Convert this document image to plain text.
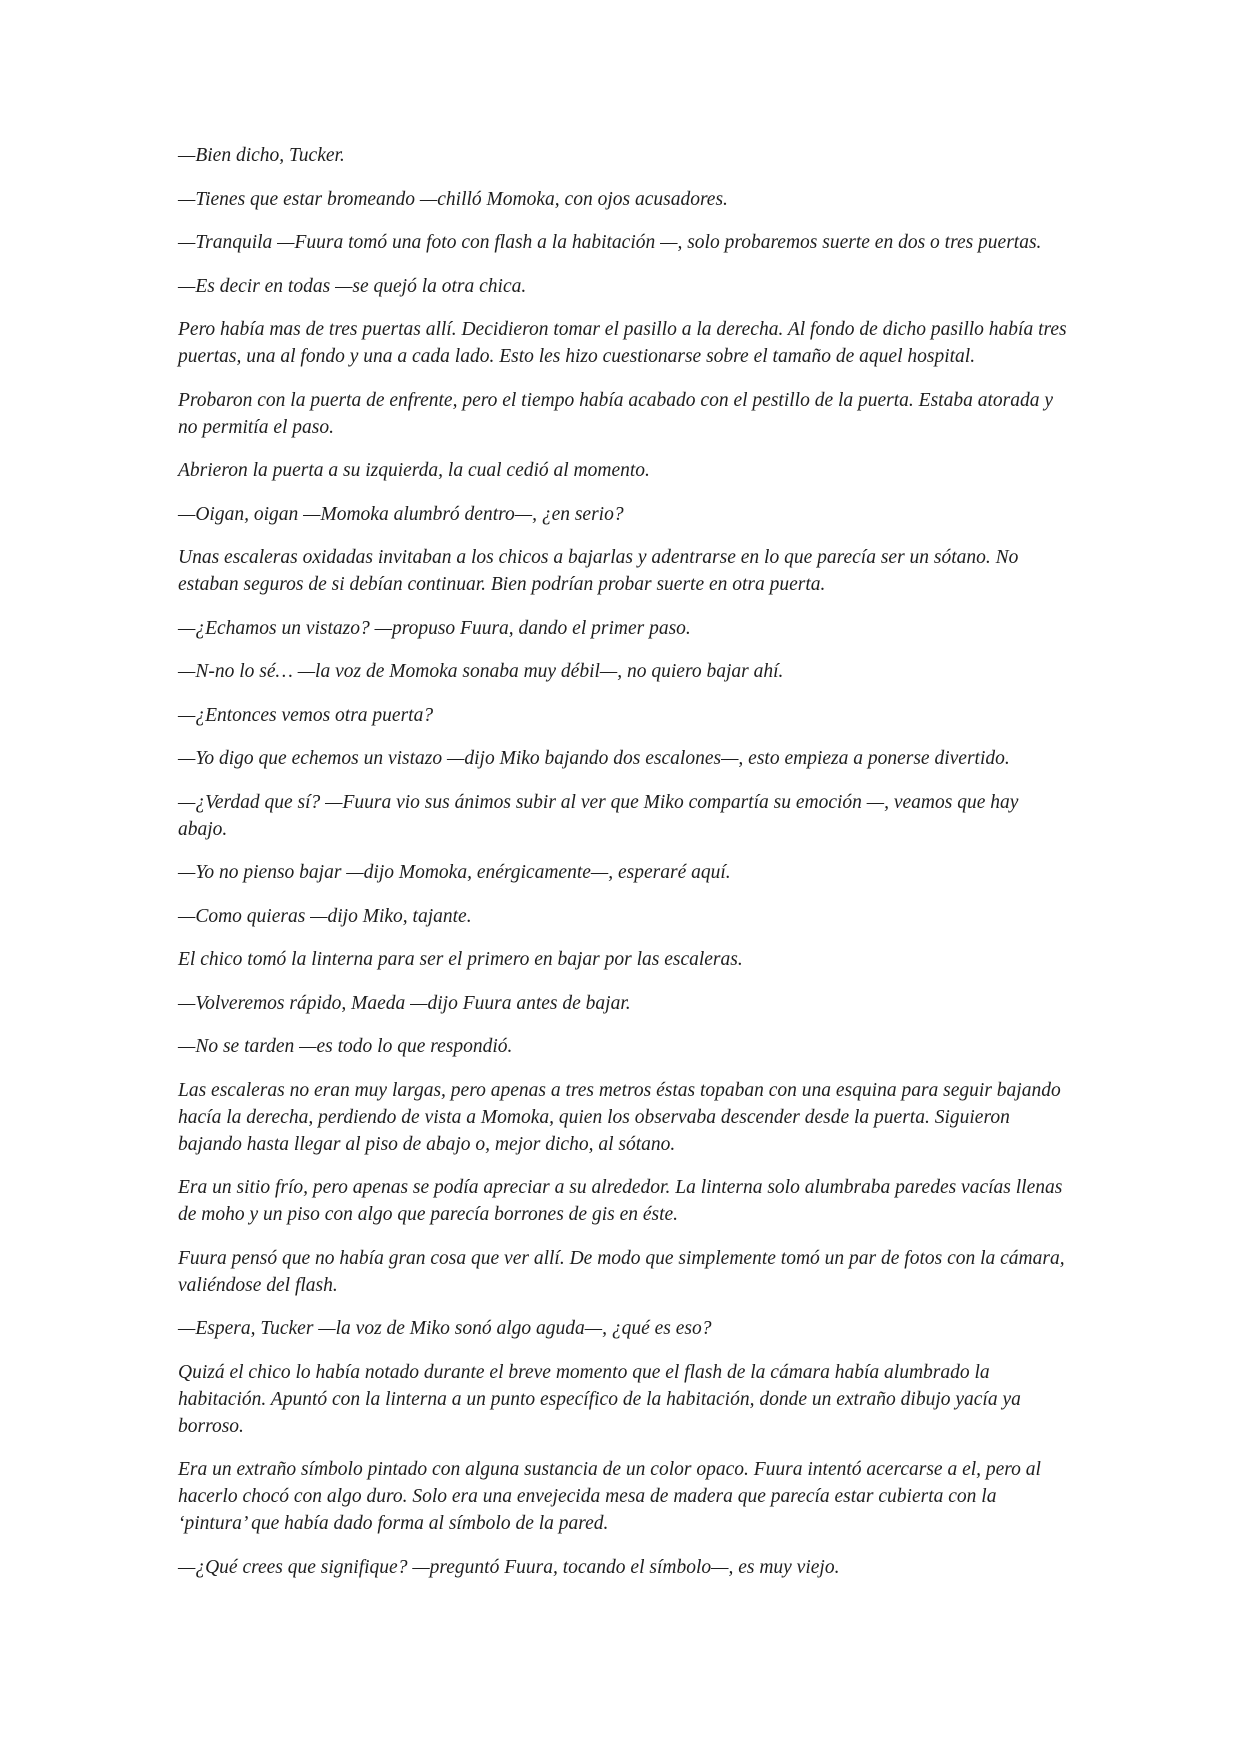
—Bien dicho, Tucker.

—Tienes que estar bromeando —chilló Momoka, con ojos acusadores.

—Tranquila —Fuura tomó una foto con flash a la habitación —, solo probaremos suerte en dos o tres puertas.

—Es decir en todas —se quejó la otra chica.

Pero había mas de tres puertas allí. Decidieron tomar el pasillo a la derecha. Al fondo de dicho pasillo había tres puertas, una al fondo y una a cada lado. Esto les hizo cuestionarse sobre el tamaño de aquel hospital.

Probaron con la puerta de enfrente, pero el tiempo había acabado con el pestillo de la puerta. Estaba atorada y no permitía el paso.

Abrieron la puerta a su izquierda, la cual cedió al momento.

—Oigan, oigan —Momoka alumbró dentro—, ¿en serio?

Unas escaleras oxidadas invitaban a los chicos a bajarlas y adentrarse en lo que parecía ser un sótano. No estaban seguros de si debían continuar. Bien podrían probar suerte en otra puerta.

—¿Echamos un vistazo? —propuso Fuura, dando el primer paso.

—N-no lo sé… —la voz de Momoka sonaba muy débil—, no quiero bajar ahí.

—¿Entonces vemos otra puerta?

—Yo digo que echemos un vistazo —dijo Miko bajando dos escalones—, esto empieza a ponerse divertido.

—¿Verdad que sí? —Fuura vio sus ánimos subir al ver que Miko compartía su emoción —, veamos que hay abajo.

—Yo no pienso bajar —dijo Momoka, enérgicamente—, esperaré aquí.

—Como quieras —dijo Miko, tajante.

El chico tomó la linterna para ser el primero en bajar por las escaleras.

—Volveremos rápido, Maeda —dijo Fuura antes de bajar.

—No se tarden —es todo lo que respondió.

Las escaleras no eran muy largas, pero apenas a tres metros éstas topaban con una esquina para seguir bajando hacía la derecha, perdiendo de vista a Momoka, quien los observaba descender desde la puerta. Siguieron bajando hasta llegar al piso de abajo o, mejor dicho, al sótano.

Era un sitio frío, pero apenas se podía apreciar a su alrededor. La linterna solo alumbraba paredes vacías llenas de moho y un piso con algo que parecía borrones de gis en éste.

Fuura pensó que no había gran cosa que ver allí. De modo que simplemente tomó un par de fotos con la cámara, valiéndose del flash.

—Espera, Tucker —la voz de Miko sonó algo aguda—, ¿qué es eso?

Quizá el chico lo había notado durante el breve momento que el flash de la cámara había alumbrado la habitación. Apuntó con la linterna a un punto específico de la habitación, donde un extraño dibujo yacía ya borroso.

Era un extraño símbolo pintado con alguna sustancia de un color opaco. Fuura intentó acercarse a el, pero al hacerlo chocó con algo duro. Solo era una envejecida mesa de madera que parecía estar cubierta con la ‘pintura’ que había dado forma al símbolo de la pared.

—¿Qué crees que signifique? —preguntó Fuura, tocando el símbolo—, es muy viejo.
